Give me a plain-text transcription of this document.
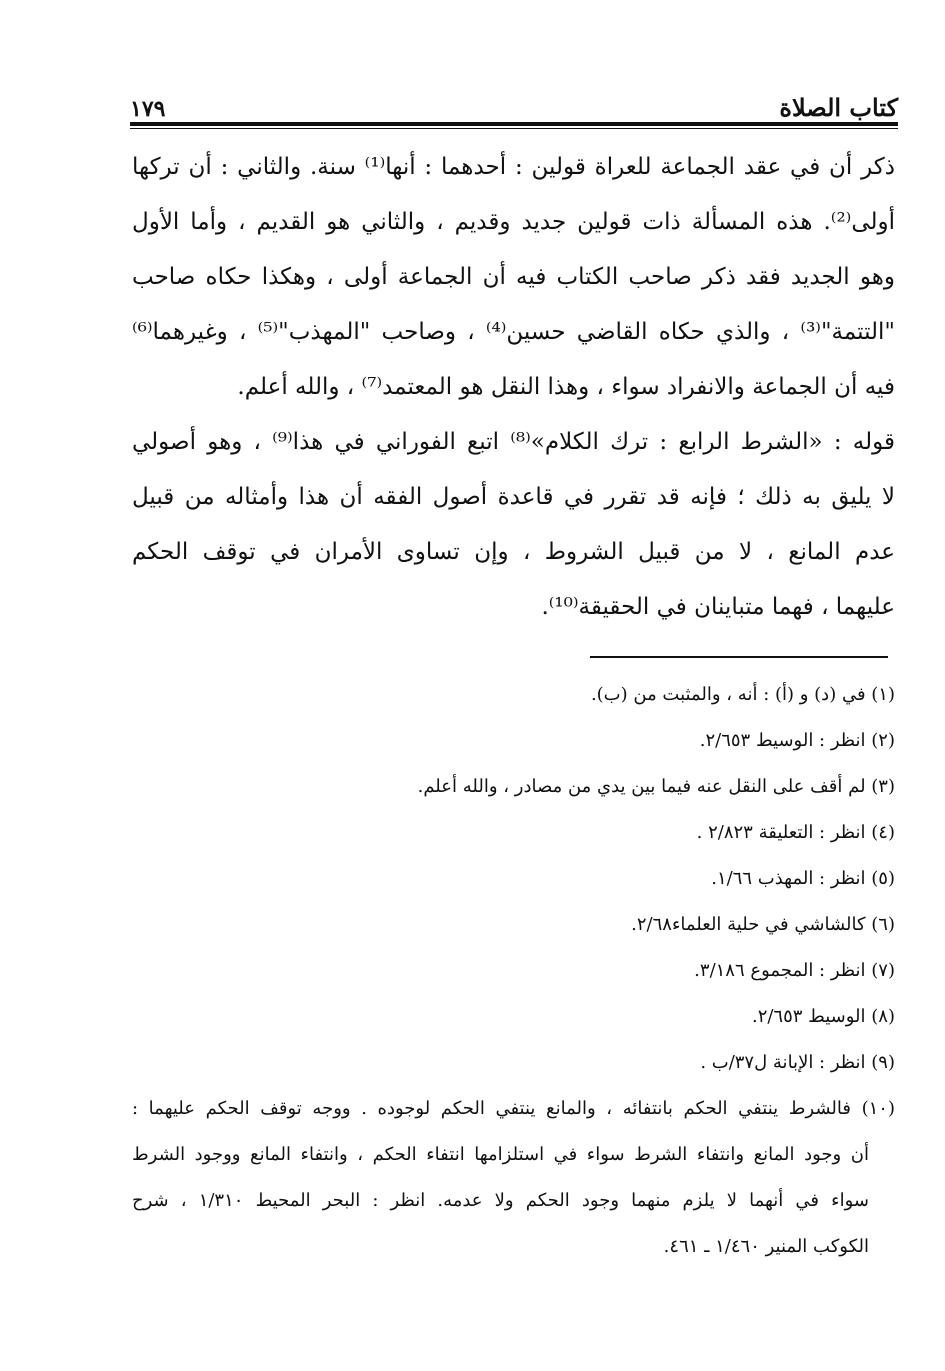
١٧٩	كتاب الصلاة
ذكر أن في عقد الجماعة للعراة قولين : أحدهما : أنها⁽¹⁾ سنة. والثاني : أن تركها
أولى⁽²⁾. هذه المسألة ذات قولين جديد وقديم ، والثاني هو القديم ، وأما الأول
وهو الجديد فقد ذكر صاحب الكتاب فيه أن الجماعة أولى ، وهكذا حكاه صاحب
"التتمة"⁽³⁾ ، والذي حكاه القاضي حسين⁽⁴⁾ ، وصاحب "المهذب"⁽⁵⁾ ، وغيرهما⁽⁶⁾
فيه أن الجماعة والانفراد سواء ، وهذا النقل هو المعتمد⁽⁷⁾ ، والله أعلم.
قوله : «الشرط الرابع : ترك الكلام»⁽⁸⁾ اتبع الفوراني في هذا⁽⁹⁾ ، وهو أصولي
لا يليق به ذلك ؛ فإنه قد تقرر في قاعدة أصول الفقه أن هذا وأمثاله من قبيل
عدم المانع ، لا من قبيل الشروط ، وإن تساوى الأمران في توقف الحكم
عليهما ، فهما متباينان في الحقيقة⁽¹⁰⁾.
(١) في (د) و (أ) : أنه ، والمثبت من (ب).
(٢) انظر : الوسيط ٢/٦٥٣.
(٣) لم أقف على النقل عنه فيما بين يدي من مصادر ، والله أعلم.
(٤) انظر : التعليقة ٢/٨٢٣ .
(٥) انظر : المهذب ١/٦٦.
(٦) كالشاشي في حلية العلماء٢/٦٨.
(٧) انظر : المجموع ٣/١٨٦.
(٨) الوسيط ٢/٦٥٣.
(٩) انظر : الإبانة ل٣٧/ب .
(١٠) فالشرط ينتفي الحكم بانتفائه ، والمانع ينتفي الحكم لوجوده . ووجه توقف الحكم عليهما :
أن وجود المانع وانتفاء الشرط سواء في استلزامها انتفاء الحكم ، وانتفاء المانع ووجود الشرط
سواء في أنهما لا يلزم منهما وجود الحكم ولا عدمه. انظر : البحر المحيط ١/٣١٠ ، شرح
الكوكب المنير ١/٤٦٠ ـ ٤٦١.
